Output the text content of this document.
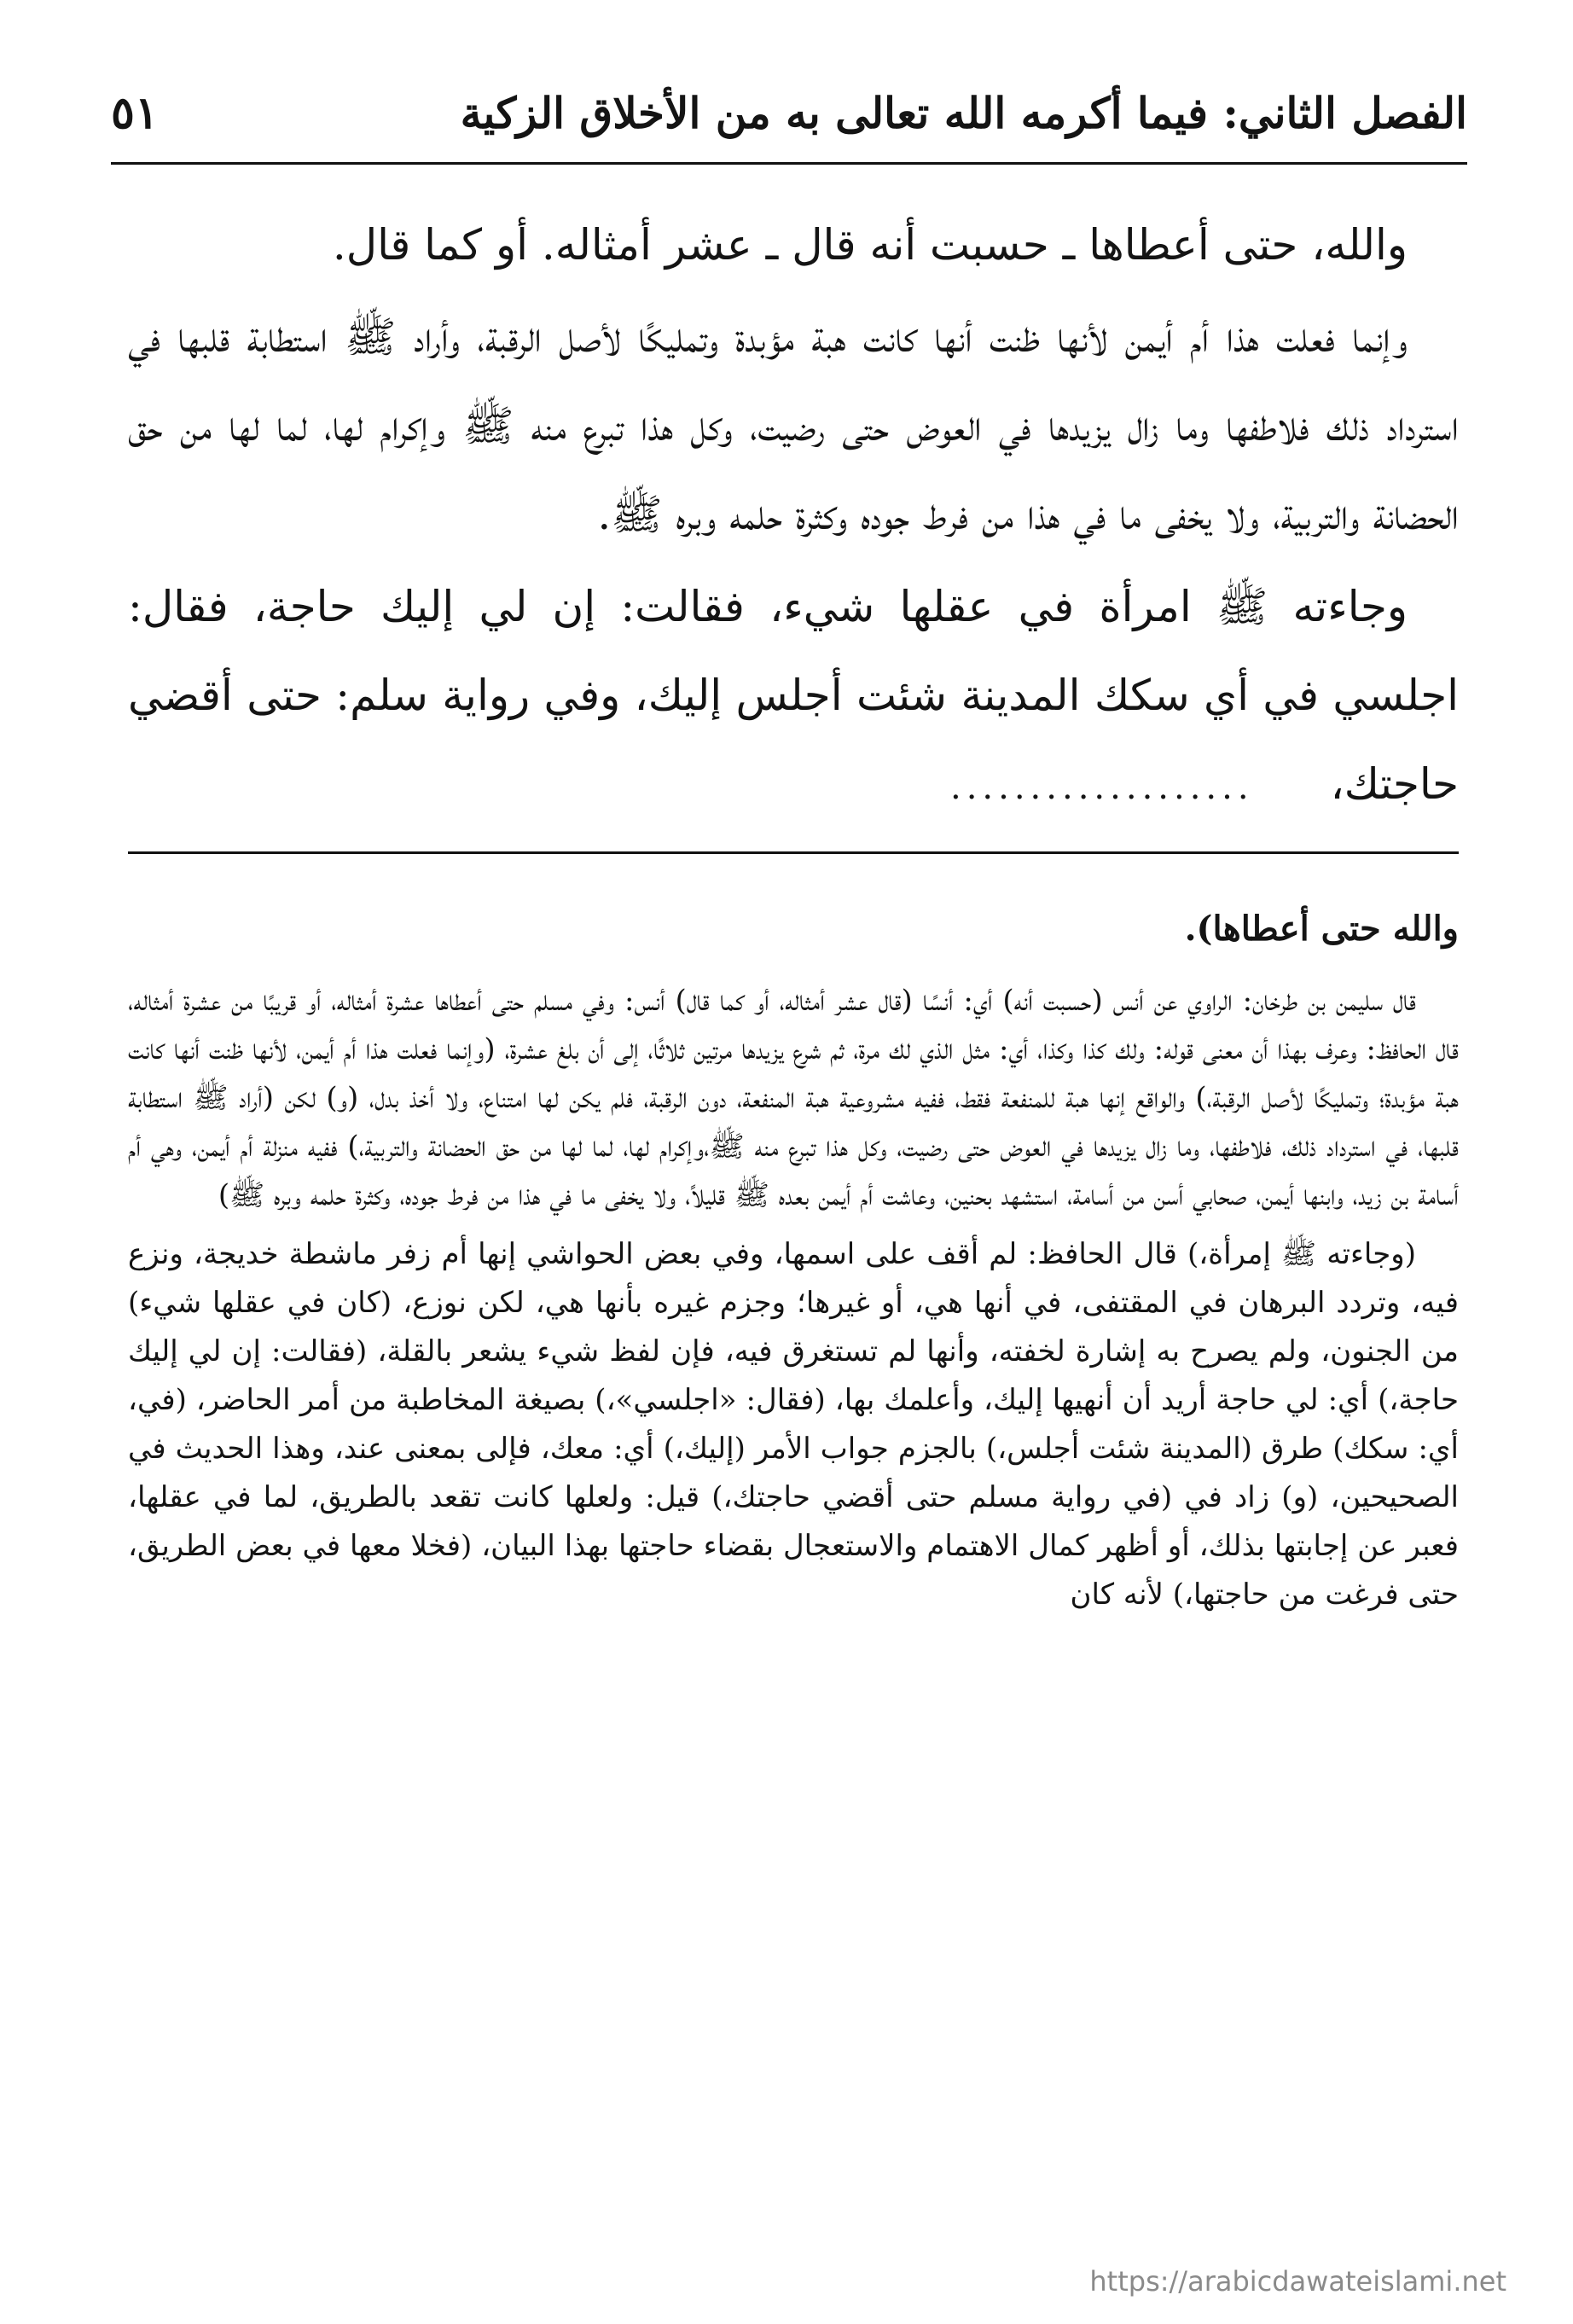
الفصل الثاني: فيما أكرمه الله تعالى به من الأخلاق الزكية
٥١

والله، حتى أعطاها ـ حسبت أنه قال ـ عشر أمثاله. أو كما قال.

وإنما فعلت هذا أم أيمن لأنها ظنت أنها كانت هبة مؤبدة وتمليكًا لأصل الرقبة، وأراد ﷺ استطابة قلبها في استرداد ذلك فلاطفها وما زال يزيدها في العوض حتى رضيت، وكل هذا تبرع منه ﷺ وإكرام لها، لما لها من حق الحضانة والتربية، ولا يخفى ما في هذا من فرط جوده وكثرة حلمه وبره ﷺ.

وجاءته ﷺ امرأة في عقلها شيء، فقالت: إن لي إليك حاجة، فقال: اجلسي في أي سكك المدينة شئت أجلس إليك، وفي رواية سلم: حتى أقضي حاجتك،...................

والله حتى أعطاها).

قال سليمن بن طرخان: الراوي عن أنس (حسبت أنه) أي: أنسًا (قال عشر أمثاله، أو كما قال) أنس: وفي مسلم حتى أعطاها عشرة أمثاله، أو قريبًا من عشرة أمثاله، قال الحافظ: وعرف بهذا أن معنى قوله: ولك كذا وكذا، أي: مثل الذي لك مرة، ثم شرع يزيدها مرتين ثلاثًا، إلى أن بلغ عشرة، (وإنما فعلت هذا أم أيمن، لأنها ظنت أنها كانت هبة مؤبدة؛ وتمليكًا لأصل الرقبة،) والواقع إنها هبة للمنفعة فقط، ففيه مشروعية هبة المنفعة، دون الرقبة، فلم يكن لها امتناع، ولا أخذ بدل، (و) لكن (أراد ﷺ استطابة قلبها، في استرداد ذلك، فلاطفها، وما زال يزيدها في العوض حتى رضيت، وكل هذا تبرع منه ﷺ،وإكرام لها، لما لها من حق الحضانة والتربية،) ففيه منزلة أم أيمن، وهي أم أسامة بن زيد، وابنها أيمن، صحابي أسن من أسامة، استشهد بحنين، وعاشت أم أيمن بعده ﷺ قليلاً، ولا يخفى ما في هذا من فرط جوده، وكثرة حلمه وبره ﷺ)

(وجاءته ﷺ إمرأة،) قال الحافظ: لم أقف على اسمها، وفي بعض الحواشي إنها أم زفر ماشطة خديجة، ونزع فيه، وتردد البرهان في المقتفى، في أنها هي، أو غيرها؛ وجزم غيره بأنها هي، لكن نوزع، (كان في عقلها شيء) من الجنون، ولم يصرح به إشارة لخفته، وأنها لم تستغرق فيه، فإن لفظ شيء يشعر بالقلة، (فقالت: إن لي إليك حاجة،) أي: لي حاجة أريد أن أنهيها إليك، وأعلمك بها، (فقال: «اجلسي»،) بصيغة المخاطبة من أمر الحاضر، (في، أي: سكك) طرق (المدينة شئت أجلس،) بالجزم جواب الأمر (إليك،) أي: معك، فإلى بمعنى عند، وهذا الحديث في الصحيحين، (و) زاد في (في رواية مسلم حتى أقضي حاجتك،) قيل: ولعلها كانت تقعد بالطريق، لما في عقلها، فعبر عن إجابتها بذلك، أو أظهر كمال الاهتمام والاستعجال بقضاء حاجتها بهذا البيان، (فخلا معها في بعض الطريق، حتى فرغت من حاجتها،) لأنه كان

https://arabicdawateislami.net
